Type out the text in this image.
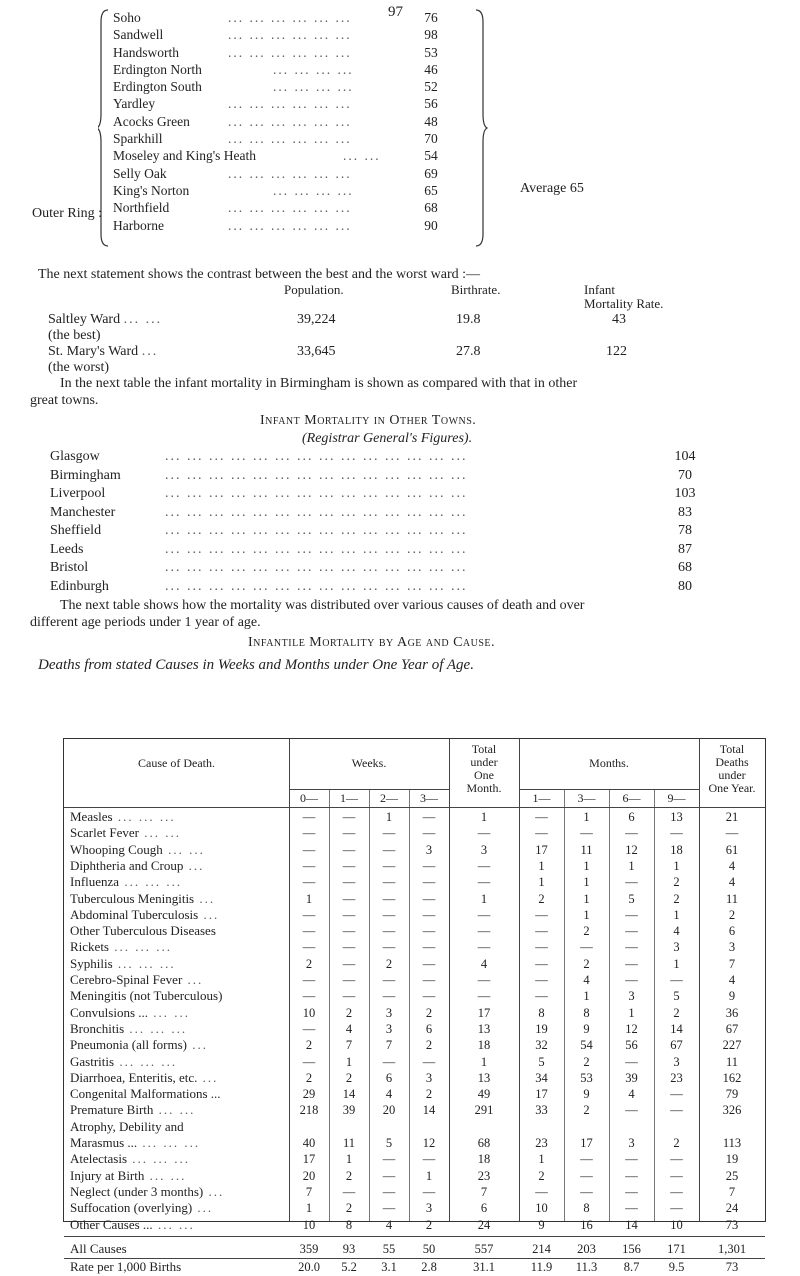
97
Outer Ring :
Soho	... ... ... ... ... ...	76
Sandwell	... ... ... ... ... ...	98
Handsworth	... ... ... ... ... ...	53
Erdington North	... ... ... ...	46
Erdington South	... ... ... ...	52
Yardley	... ... ... ... ... ...	56
Acocks Green	... ... ... ... ... ...	48
Sparkhill	... ... ... ... ... ...	70
Moseley and King's Heath	... ...	54
Selly Oak	... ... ... ... ... ...	69
King's Norton	... ... ... ...	65
Northfield	... ... ... ... ... ...	68
Harborne	... ... ... ... ... ...	90
Average 65
The next statement shows the contrast between the best and the worst ward :—
Population.	Birthrate.	Infant
Mortality Rate.
Saltley Ward ... ...	39,224	19.8	43
(the best)
St. Mary's Ward ...	33,645	27.8	122
(the worst)
In the next table the infant mortality in Birmingham is shown as compared with that in other
great towns.
Infant Mortality in Other Towns.
(Registrar General's Figures).
Glasgow	... ... ... ... ... ... ... ... ... ... ... ... ... ...	104
Birmingham	... ... ... ... ... ... ... ... ... ... ... ... ... ...	70
Liverpool	... ... ... ... ... ... ... ... ... ... ... ... ... ...	103
Manchester	... ... ... ... ... ... ... ... ... ... ... ... ... ...	83
Sheffield	... ... ... ... ... ... ... ... ... ... ... ... ... ...	78
Leeds	... ... ... ... ... ... ... ... ... ... ... ... ... ...	87
Bristol	... ... ... ... ... ... ... ... ... ... ... ... ... ...	68
Edinburgh	... ... ... ... ... ... ... ... ... ... ... ... ... ...	80
The next table shows how the mortality was distributed over various causes of death and over
different age periods under 1 year of age.
Infantile Mortality by Age and Cause.
Deaths from stated Causes in Weeks and Months under One Year of Age.
Cause of Death.	Weeks.
Total
under
One
Month.
Months.
Total
Deaths
under
One Year.
0—	1—	2—	3—	1—	3—	6—	9—
Measles ... ... ...	—	—	1	—	1	—	1	6	13	21
Scarlet Fever ... ...	—	—	—	—	—	—	—	—	—	—
Whooping Cough ... ...	—	—	—	3	3	17	11	12	18	61
Diphtheria and Croup ...	—	—	—	—	—	1	1	1	1	4
Influenza ... ... ...	—	—	—	—	—	1	1	—	2	4
Tuberculous Meningitis ...	1	—	—	—	1	2	1	5	2	11
Abdominal Tuberculosis ...	—	—	—	—	—	—	1	—	1	2
Other Tuberculous Diseases	—	—	—	—	—	—	2	—	4	6
Rickets ... ... ...	—	—	—	—	—	—	—	—	3	3
Syphilis ... ... ...	2	—	2	—	4	—	2	—	1	7
Cerebro-Spinal Fever ...	—	—	—	—	—	—	4	—	—	4
Meningitis (not Tuberculous)	—	—	—	—	—	—	1	3	5	9
Convulsions ... ... ...	10	2	3	2	17	8	8	1	2	36
Bronchitis ... ... ...	—	4	3	6	13	19	9	12	14	67
Pneumonia (all forms) ...	2	7	7	2	18	32	54	56	67	227
Gastritis ... ... ...	—	1	—	—	1	5	2	—	3	11
Diarrhoea, Enteritis, etc. ...	2	2	6	3	13	34	53	39	23	162
Congenital Malformations ...	29	14	4	2	49	17	9	4	—	79
Premature Birth ... ...	218	39	20	14	291	33	2	—	—	326
Atrophy, Debility and
Marasmus ... ... ... ...	40	11	5	12	68	23	17	3	2	113
Atelectasis ... ... ...	17	1	—	—	18	1	—	—	—	19
Injury at Birth ... ...	20	2	—	1	23	2	—	—	—	25
Neglect (under 3 months) ...	7	—	—	—	7	—	—	—	—	7
Suffocation (overlying) ...	1	2	—	3	6	10	8	—	—	24
Other Causes ... ... ...	10	8	4	2	24	9	16	14	10	73
All Causes	359	93	55	50	557	214	203	156	171	1,301
Rate per 1,000 Births	20.0	5.2	3.1	2.8	31.1	11.9	11.3	8.7	9.5	73
